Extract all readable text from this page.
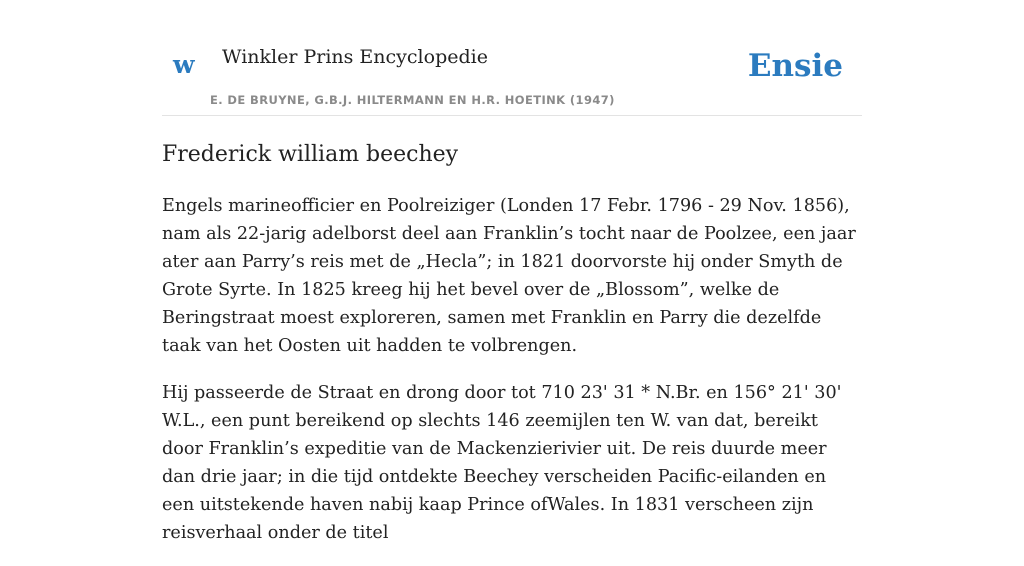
w Winkler Prins Encyclopedie
E. DE BRUYNE, G.B.J. HILTERMANN EN H.R. HOETINK (1947)
Ensie
Frederick william beechey

Engels marineofficier en Poolreiziger (Londen 17 Febr. 1796 - 29 Nov. 1856), nam als 22-jarig adelborst deel aan Franklin’s tocht naar de Poolzee, een jaar ater aan Parry’s reis met de „Hecla”; in 1821 doorvorste hij onder Smyth de Grote Syrte. In 1825 kreeg hij het bevel over de „Blossom”, welke de Beringstraat moest exploreren, samen met Franklin en Parry die dezelfde taak van het Oosten uit hadden te volbrengen.

Hij passeerde de Straat en drong door tot 710 23' 31 * N.Br. en 156° 21' 30' W.L., een punt bereikend op slechts 146 zeemijlen ten W. van dat, bereikt door Franklin’s expeditie van de Mackenzierivier uit. De reis duurde meer dan drie jaar; in die tijd ontdekte Beechey verscheiden Pacific-eilanden en een uitstekende haven nabij kaap Prince ofWales. In 1831 verscheen zijn reisverhaal onder de titel
